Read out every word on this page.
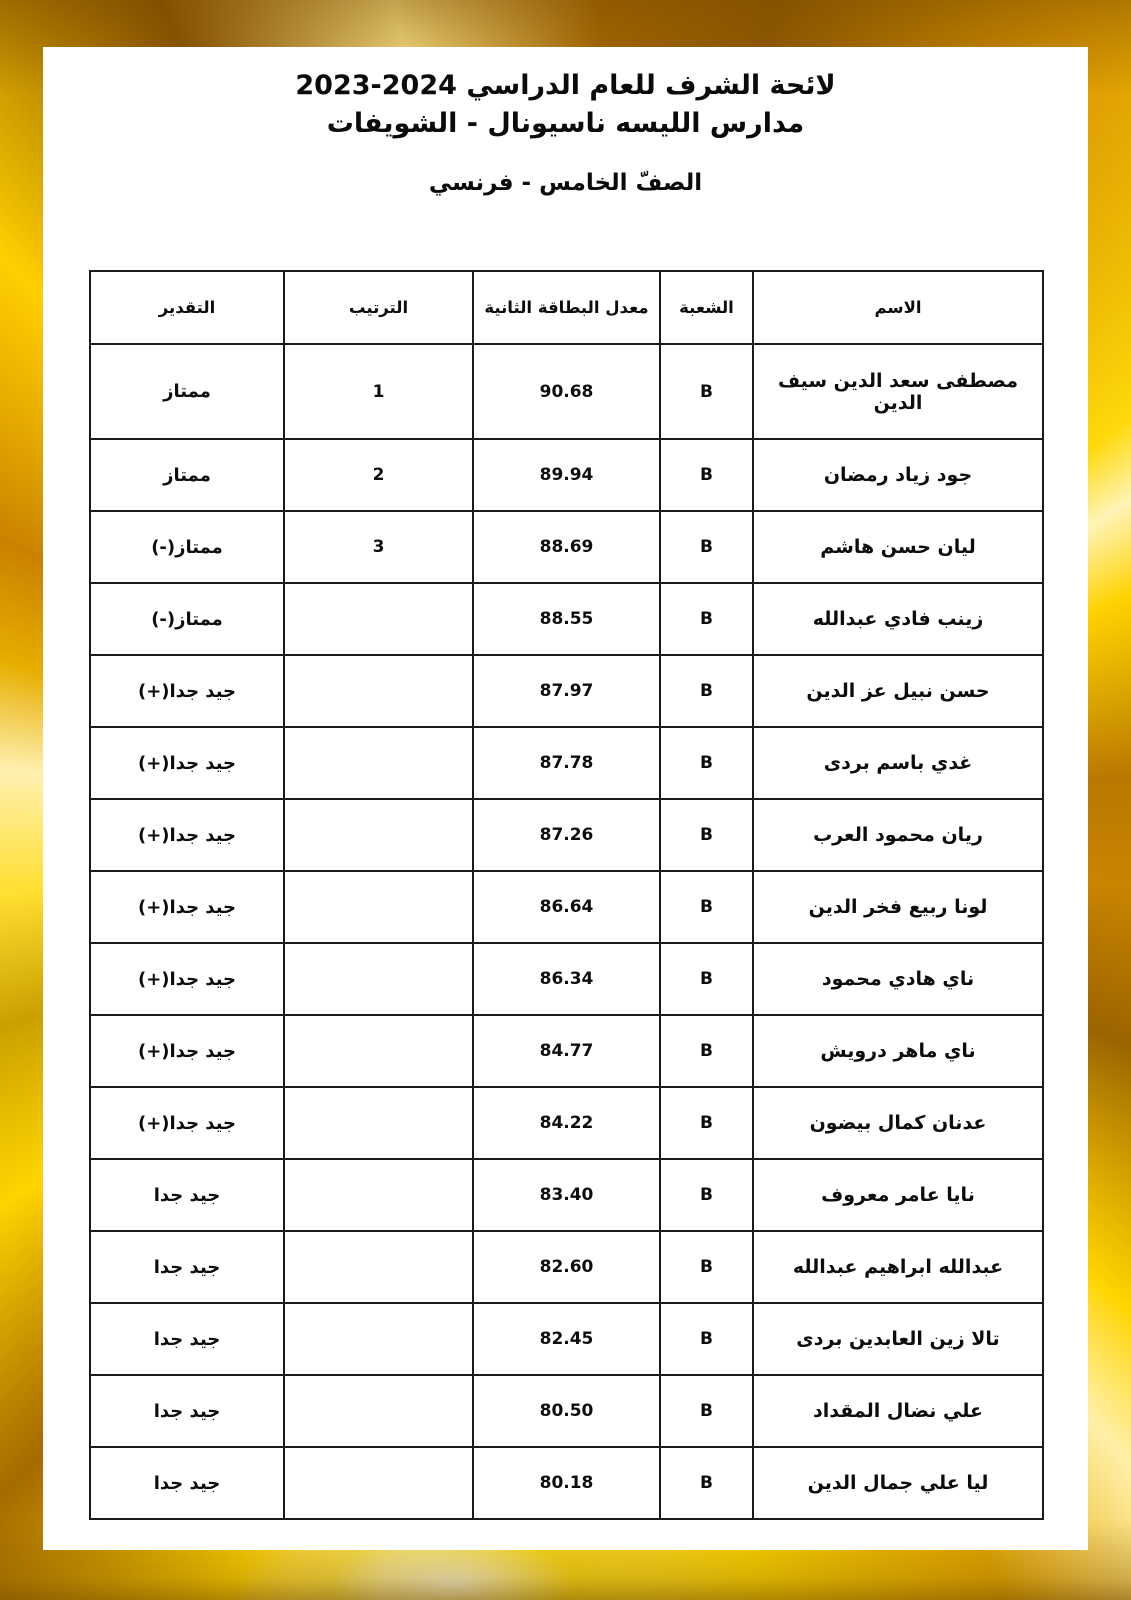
لائحة الشرف للعام الدراسي 2024-2023
مدارس الليسه ناسيونال - الشويفات
الصفّ الخامس - فرنسي
الاسم	الشعبة	معدل البطاقة الثانية	الترتيب	التقدير
مصطفى سعد الدين سيف الدين	B	90.68	1	ممتاز
جود زياد رمضان	B	89.94	2	ممتاز
ليان حسن هاشم	B	88.69	3	ممتاز(-)
زينب فادي عبدالله	B	88.55		ممتاز(-)
حسن نبيل عز الدين	B	87.97		جيد جدا(+)
غدي باسم بردى	B	87.78		جيد جدا(+)
ريان محمود العرب	B	87.26		جيد جدا(+)
لونا ربيع فخر الدين	B	86.64		جيد جدا(+)
ناي هادي محمود	B	86.34		جيد جدا(+)
ناي ماهر درويش	B	84.77		جيد جدا(+)
عدنان كمال بيضون	B	84.22		جيد جدا(+)
نايا عامر معروف	B	83.40		جيد جدا
عبدالله ابراهيم عبدالله	B	82.60		جيد جدا
تالا زين العابدين بردى	B	82.45		جيد جدا
علي نضال المقداد	B	80.50		جيد جدا
ليا علي جمال الدين	B	80.18		جيد جدا
